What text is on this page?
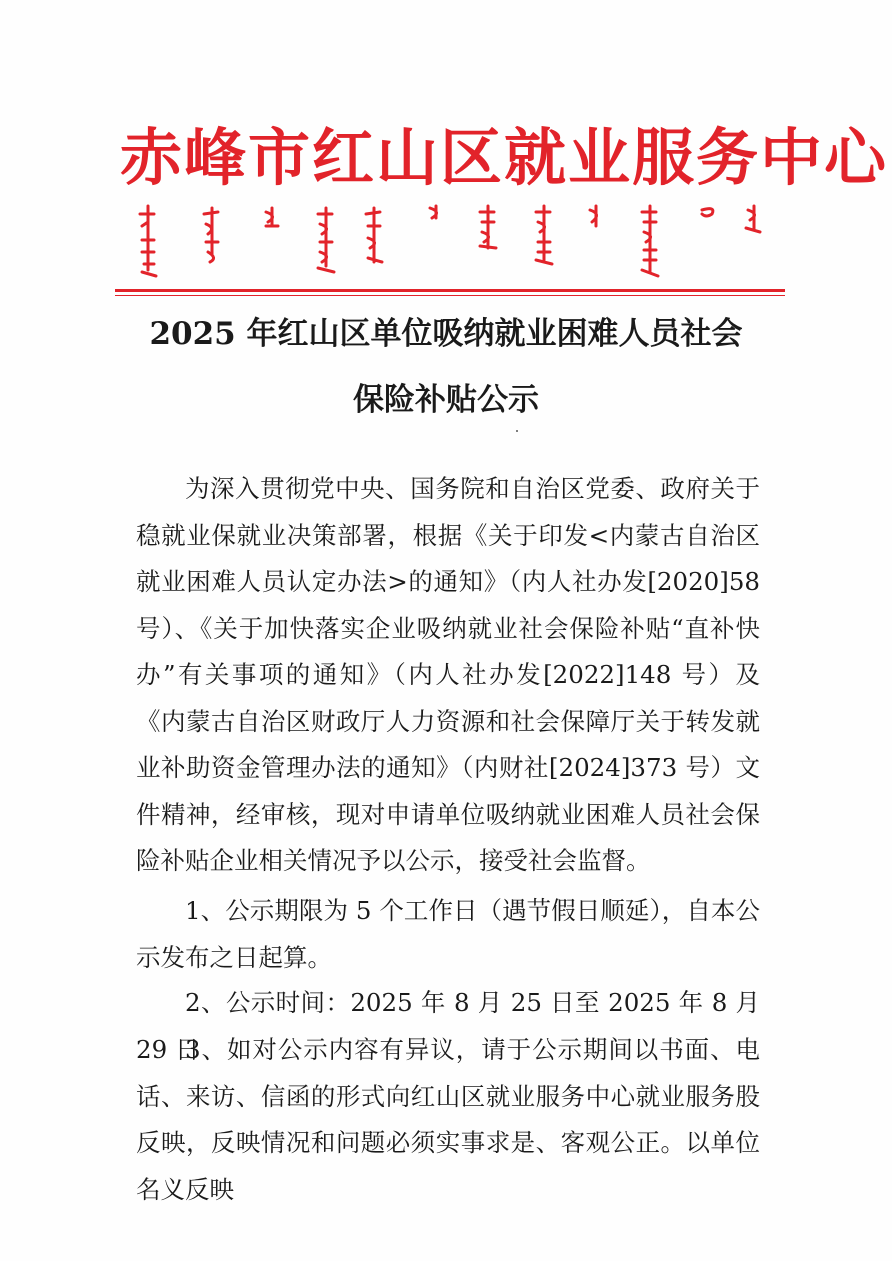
赤峰市红山区就业服务中心
2025 年红山区单位吸纳就业困难人员社会
保险补贴公示

为深入贯彻党中央、国务院和自治区党委、政府关于稳就业保就业决策部署，根据《关于印发<内蒙古自治区就业困难人员认定办法>的通知》（内人社办发[2020]58 号）、《关于加快落实企业吸纳就业社会保险补贴“直补快办”有关事项的通知》（内人社办发[2022]148 号）及《内蒙古自治区财政厅人力资源和社会保障厅关于转发就业补助资金管理办法的通知》（内财社[2024]373 号）文件精神，经审核，现对申请单位吸纳就业困难人员社会保险补贴企业相关情况予以公示，接受社会监督。

1、公示期限为 5 个工作日（遇节假日顺延），自本公示发布之日起算。

2、公示时间：2025 年 8 月 25 日至 2025 年 8 月 29 日

3、如对公示内容有异议，请于公示期间以书面、电话、来访、信函的形式向红山区就业服务中心就业服务股反映，反映情况和问题必须实事求是、客观公正。以单位名义反映
